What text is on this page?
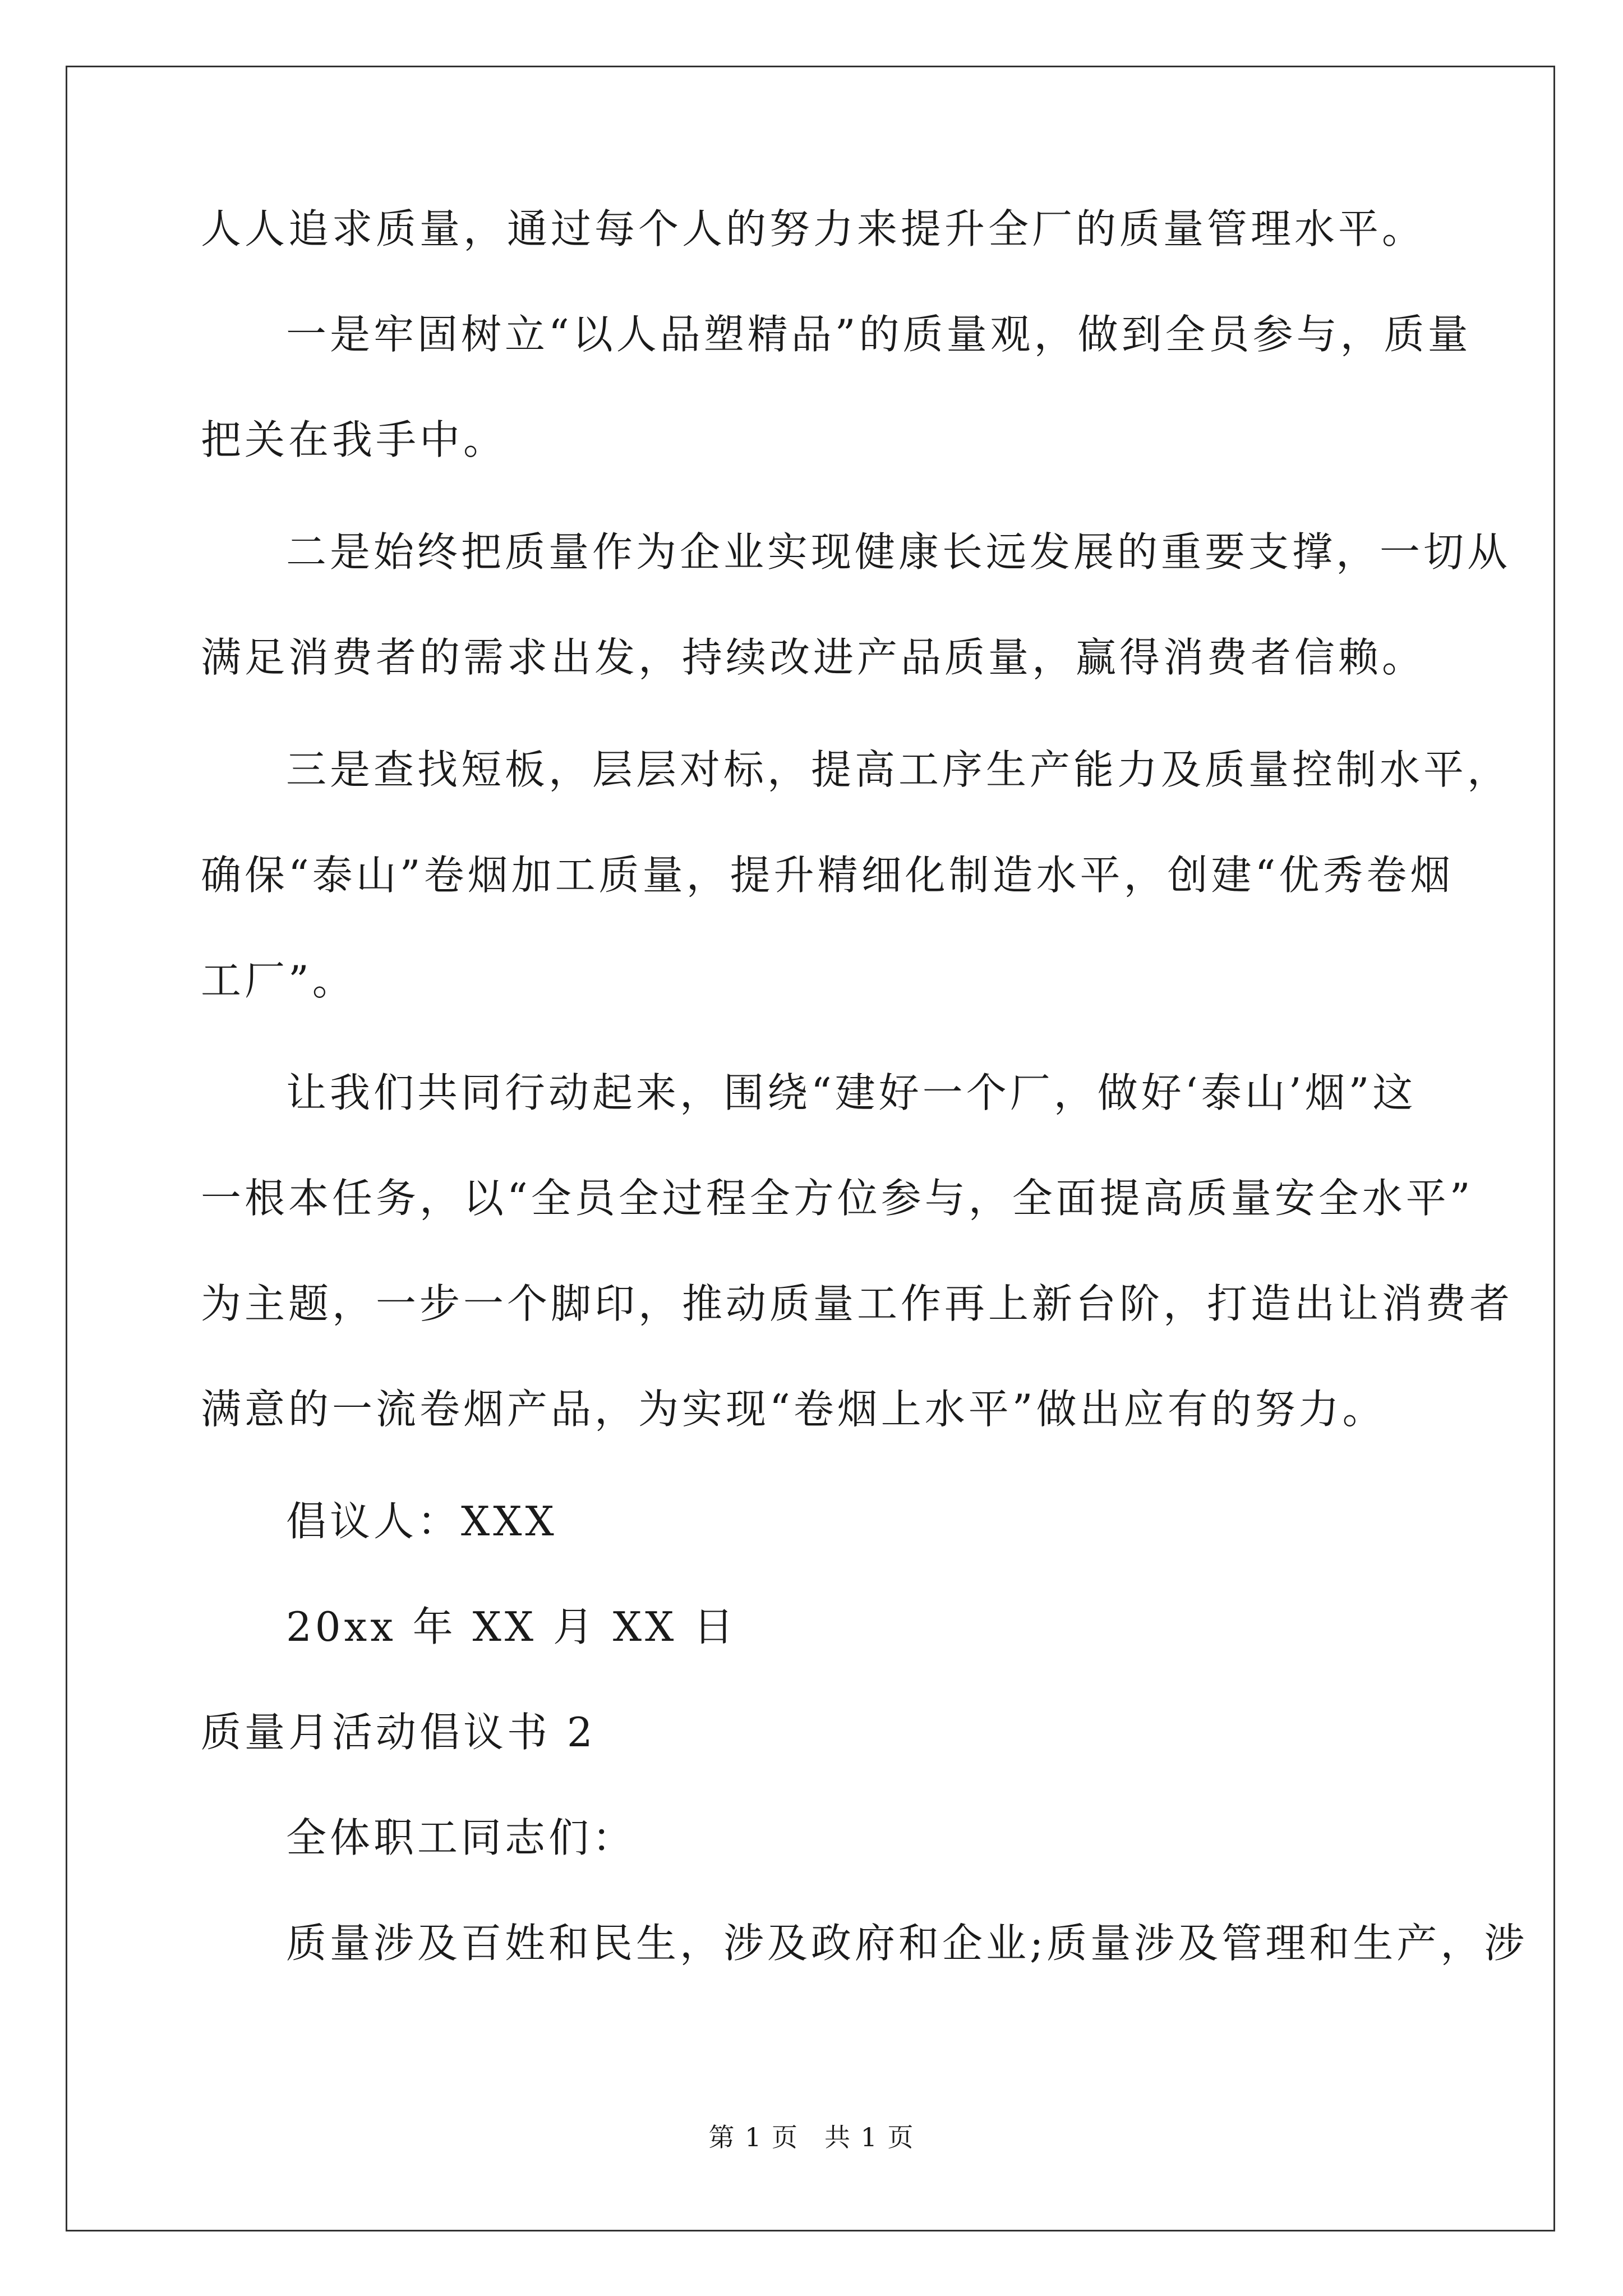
人人追求质量，通过每个人的努力来提升全厂的质量管理水平。

一是牢固树立“以人品塑精品”的质量观，做到全员参与，质量

把关在我手中。

二是始终把质量作为企业实现健康长远发展的重要支撑，一切从

满足消费者的需求出发，持续改进产品质量，赢得消费者信赖。

三是查找短板，层层对标，提高工序生产能力及质量控制水平，

确保“泰山”卷烟加工质量，提升精细化制造水平，创建“优秀卷烟

工厂”。

让我们共同行动起来，围绕“建好一个厂，做好‘泰山’烟”这

一根本任务，以“全员全过程全方位参与，全面提高质量安全水平”

为主题，一步一个脚印，推动质量工作再上新台阶，打造出让消费者

满意的一流卷烟产品，为实现“卷烟上水平”做出应有的努力。

倡议人：XXX

20xx 年 XX 月 XX 日

质量月活动倡议书 2

全体职工同志们：

质量涉及百姓和民生，涉及政府和企业;质量涉及管理和生产，涉

第 1 页 共 1 页
